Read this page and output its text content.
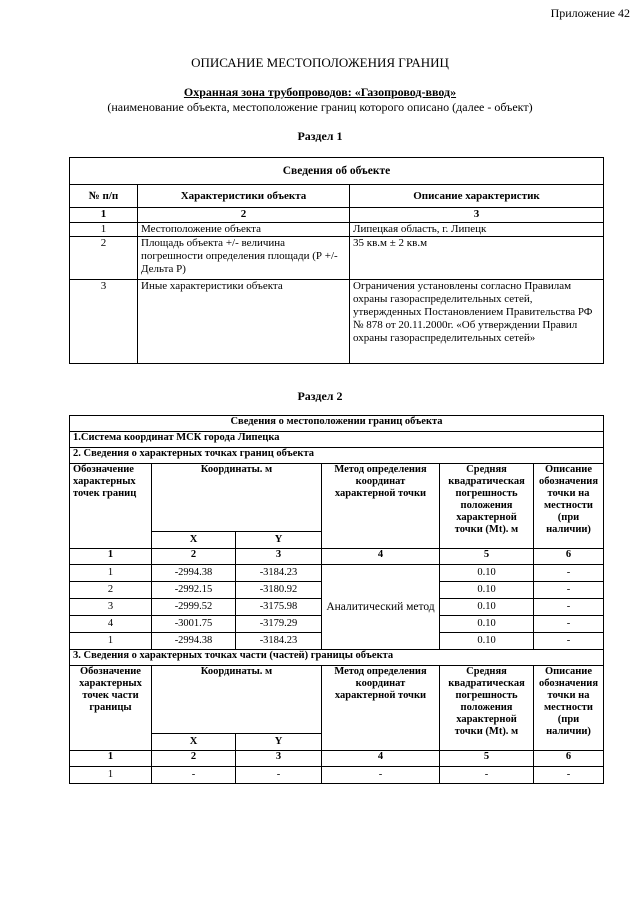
Приложение 42
ОПИСАНИЕ МЕСТОПОЛОЖЕНИЯ ГРАНИЦ
Охранная зона трубопроводов: «Газопровод-ввод»
(наименование объекта, местоположение границ которого описано (далее - объект)
Раздел 1
Сведения об объекте		
№ п/п	Характеристики объекта	Описание характеристик
1	2	3
1	Местоположение объекта	Липецкая область, г. Липецк
2	Площадь объекта +/- величина погрешности определения площади (Р +/- Дельта Р)	35 кв.м ± 2 кв.м
3	Иные характеристики объекта	Ограничения установлены согласно Правилам охраны газораспределительных сетей, утвержденных Постановлением Правительства РФ № 878 от 20.11.2000г. «Об утверждении Правил охраны газораспределительных сетей»
Раздел 2
Сведения о местоположении границ объекта					
1.Система координат МСК города Липецка					
2. Сведения о характерных точках границ объекта					
Обозначение характерных точек границ	Координаты. м		Метод определения координат характерной точки	Средняя квадратическая погрешность положения характерной точки (Mt). м	Описание обозначения точки на местности (при наличии)
	X	Y			
1	2	3	4	5	6
1	-2994.38	-3184.23	Аналитический метод	0.10	-
2	-2992.15	-3180.92		0.10	-
3	-2999.52	-3175.98		0.10	-
4	-3001.75	-3179.29		0.10	-
1	-2994.38	-3184.23		0.10	-
3. Сведения о характерных точках части (частей) границы объекта					
Обозначение характерных точек части границы	Координаты. м		Метод определения координат характерной точки	Средняя квадратическая погрешность положения характерной точки (Mt). м	Описание обозначения точки на местности (при наличии)
	X	Y			
1	2	3	4	5	6
1	-	-	-	-	-
